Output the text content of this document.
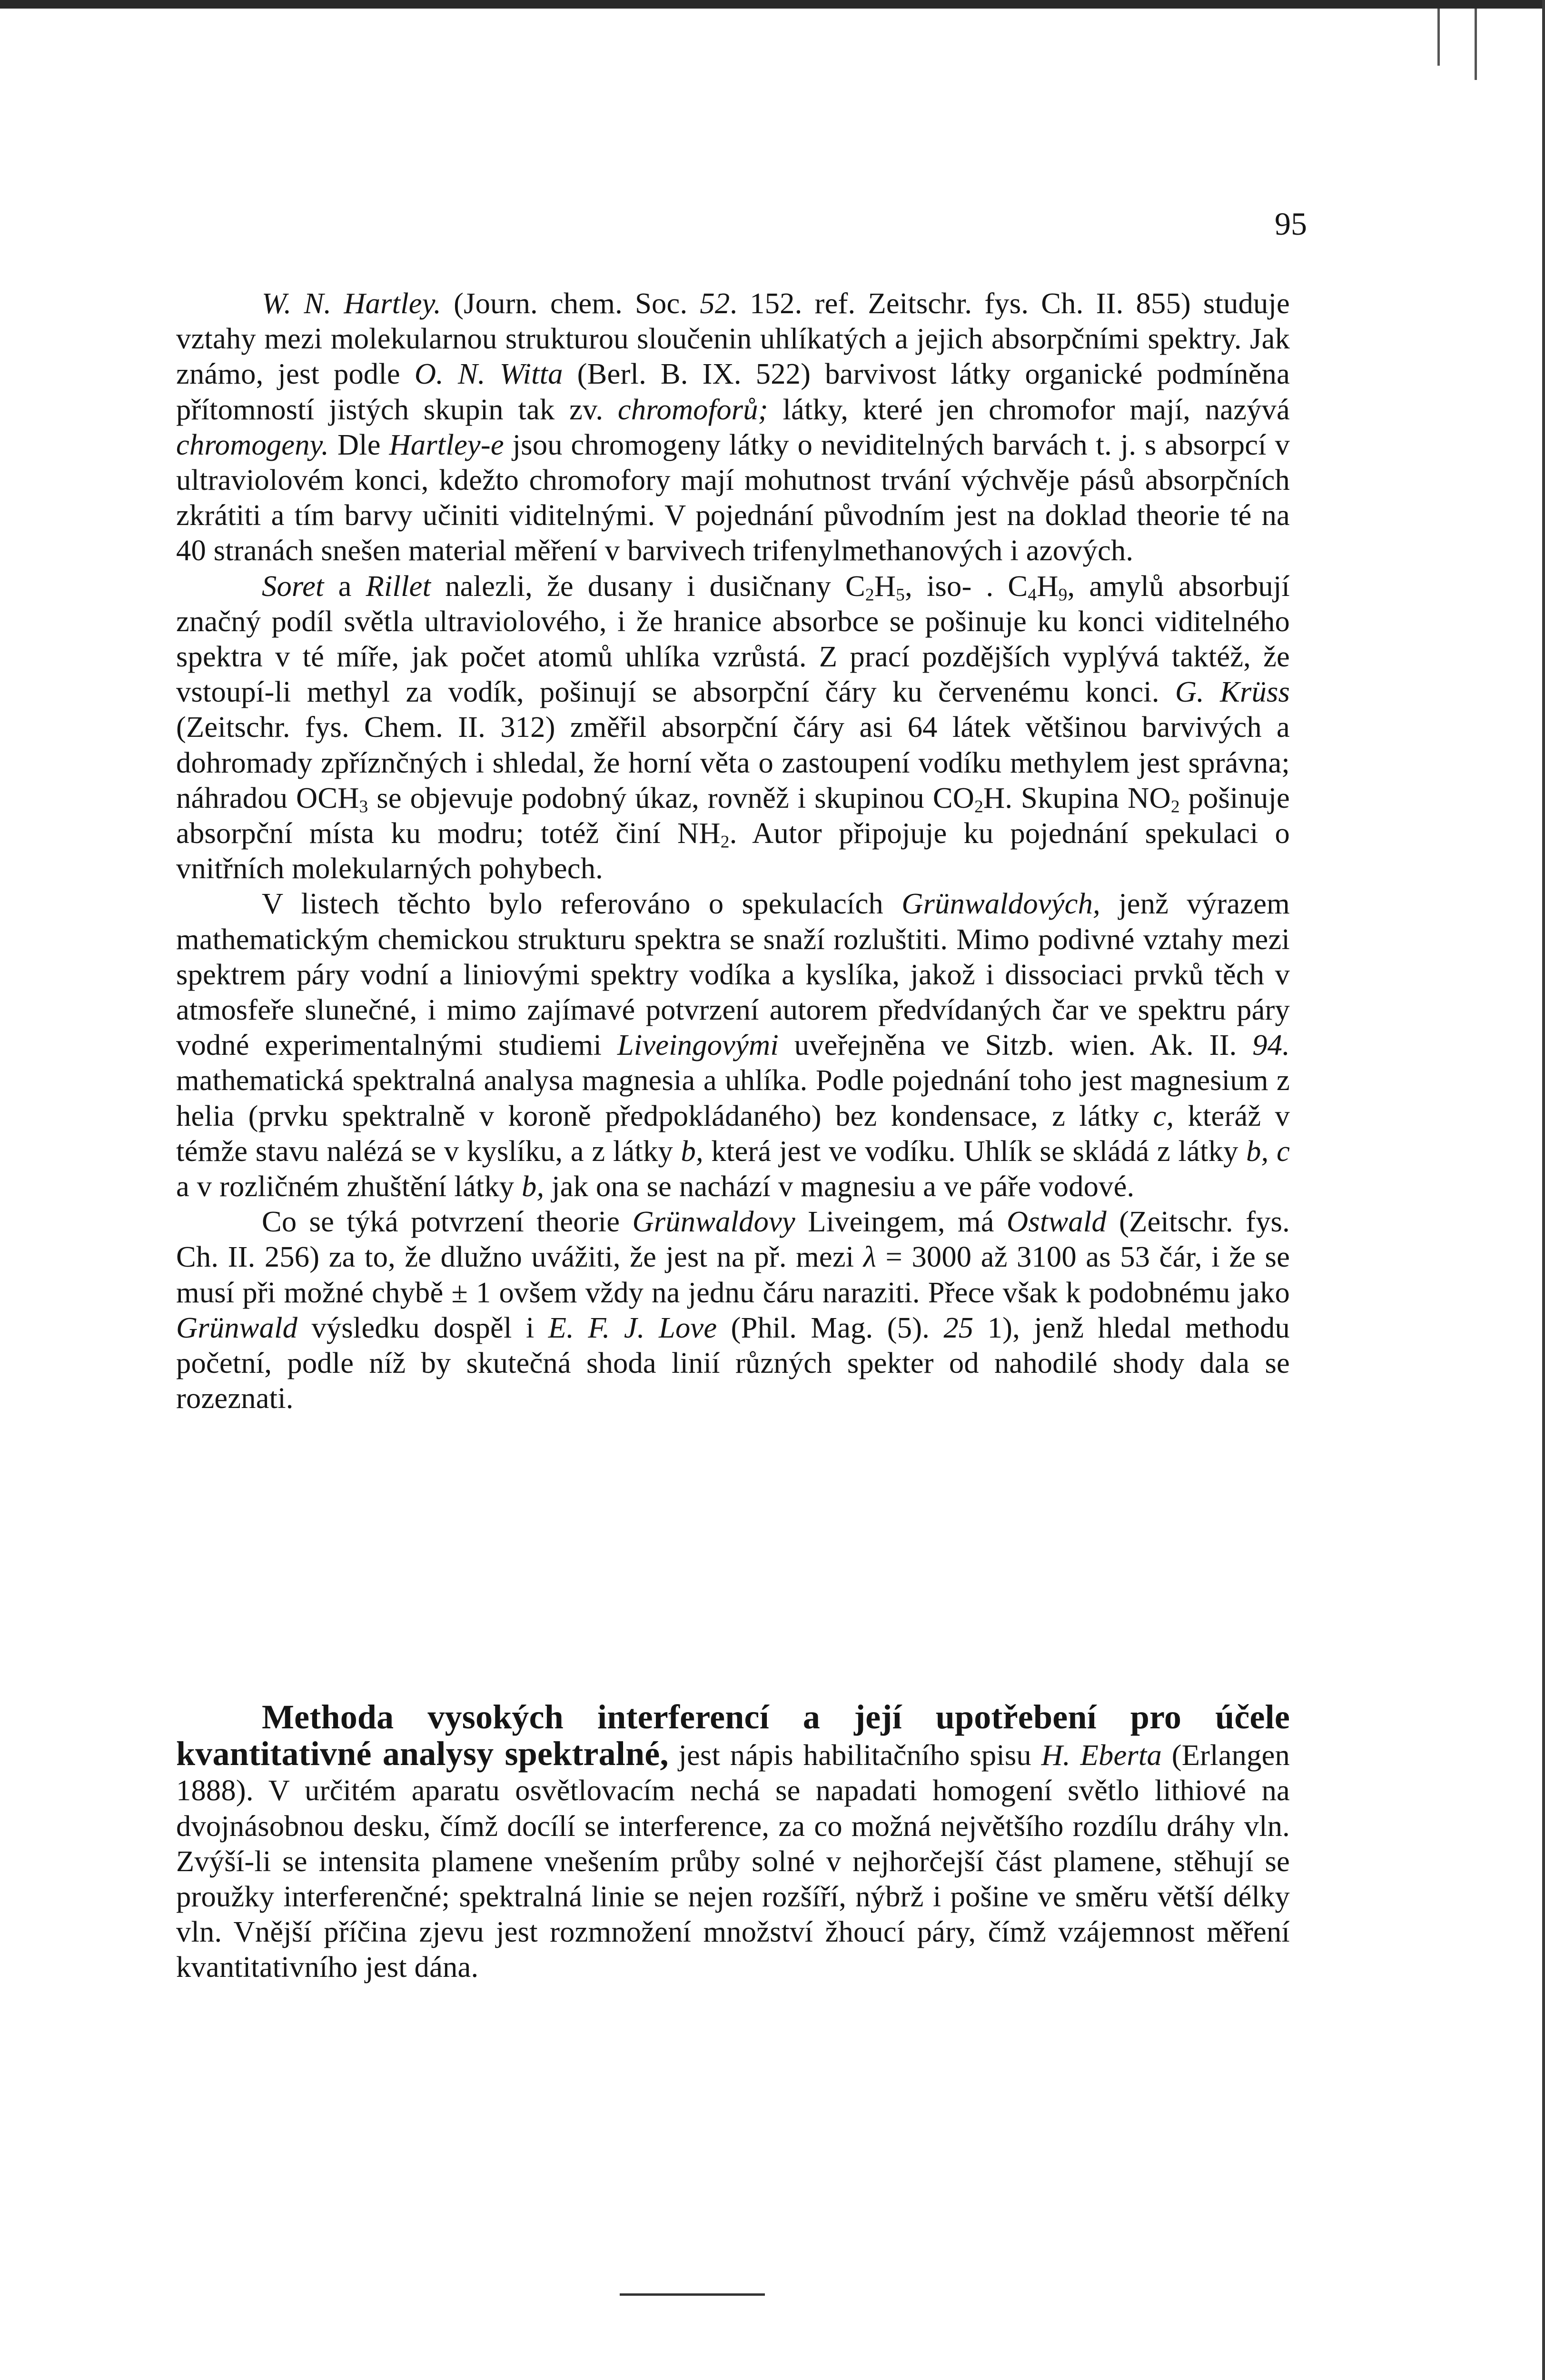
95

W. N. Hartley. (Journ. chem. Soc. 52. 152. ref. Zeitschr. fys. Ch. II. 855) studuje vztahy mezi molekularnou strukturou sloučenin uhlíkatých a jejich absorpčními spektry. Jak známo, jest podle O. N. Witta (Berl. B. IX. 522) barvivost látky organické podmíněna přítomností jistých skupin tak zv. chromoforů; látky, které jen chromofor mají, nazývá chromogeny. Dle Hartley-e jsou chromogeny látky o neviditelných barvách t. j. s absorpcí v ultraviolovém konci, kdežto chromofory mají mohutnost trvání výchvěje pásů absorpčních zkrátiti a tím barvy učiniti viditelnými. V pojednání původním jest na doklad theorie té na 40 stranách snešen material měření v barvivech trifenylmethanových i azových.

Soret a Rillet nalezli, že dusany i dusičnany $C_2H_5$, iso- . $C_4H_9$, amylů absorbují značný podíl světla ultraviolového, i že hranice absorbce se pošinuje ku konci viditelného spektra v té míře, jak počet atomů uhlíka vzrůstá. Z prací pozdějších vyplývá taktéž, že vstoupí-li methyl za vodík, pošinují se absorpční čáry ku červenému konci. G. Krüss (Zeitschr. fys. Chem. II. 312) změřil absorpční čáry asi 64 látek většinou barvivých a dohromady zpříznčných i shledal, že horní věta o zastoupení vodíku methylem jest správna; náhradou $OCH_3$ se objevuje podobný úkaz, rovněž i skupinou $CO_2H$. Skupina $NO_2$ pošinuje absorpční místa ku modru; totéž činí $NH_2$. Autor připojuje ku pojednání spekulaci o vnitřních molekularných pohybech.

V listech těchto bylo referováno o spekulacích Grünwaldových, jenž výrazem mathematickým chemickou strukturu spektra se snaží rozluštiti. Mimo podivné vztahy mezi spektrem páry vodní a liniovými spektry vodíka a kyslíka, jakož i dissociaci prvků těch v atmosfeře slunečné, i mimo zajímavé potvrzení autorem předvídaných čar ve spektru páry vodné experimentalnými studiemi Liveingovými uveřejněna ve Sitzb. wien. Ak. II. 94. mathematická spektralná analysa magnesia a uhlíka. Podle pojednání toho jest magnesium z helia (prvku spektralně v koroně předpokládaného) bez kondensace, z látky c, kteráž v témže stavu nalézá se v kyslíku, a z látky b, která jest ve vodíku. Uhlík se skládá z látky b, c a v rozličném zhuštění látky b, jak ona se nachází v magnesiu a ve páře vodové.

Co se týká potvrzení theorie Grünwaldovy Liveingem, má Ostwald (Zeitschr. fys. Ch. II. 256) za to, že dlužno uvážiti, že jest na př. mezi λ = 3000 až 3100 as 53 čár, i že se musí při možné chybě ± 1 ovšem vždy na jednu čáru naraziti. Přece však k podobnému jako Grünwald výsledku dospěl i E. F. J. Love (Phil. Mag. (5). 25 1), jenž hledal methodu početní, podle níž by skutečná shoda linií různých spekter od nahodilé shody dala se rozeznati.

Methoda vysokých interferencí a její upotřebení pro účele kvantitativné analysy spektralné, jest nápis habilitačního spisu H. Eberta (Erlangen 1888). V určitém aparatu osvětlovacím nechá se napadati homogení světlo lithiové na dvojnásobnou desku, čímž docílí se interference, za co možná největšího rozdílu dráhy vln. Zvýší-li se intensita plamene vnešením průby solné v nejhorčejší část plamene, stěhují se proužky interferenčné; spektralná linie se nejen rozšíří, nýbrž i pošine ve směru větší délky vln. Vnější příčina zjevu jest rozmnožení množství žhoucí páry, čímž vzájemnost měření kvantitativního jest dána.
